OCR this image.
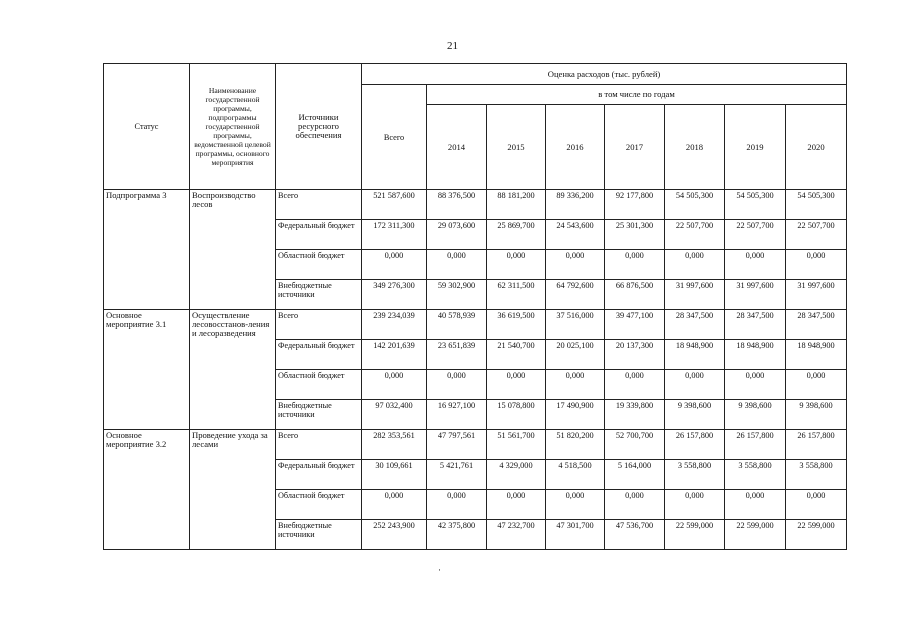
21
Статус	Наименование государственной программы, подпрограммы государственной программы, ведомственной целевой программы, основного мероприятия	Источники ресурсного обеспечения	Оценка расходов (тыс. рублей)							
			Всего	в том числе по годам						
				2014	2015	2016	2017	2018	2019	2020
Подпрограмма 3	Воспроизводство лесов	Всего	521 587,600	88 376,500	88 181,200	89 336,200	92 177,800	54 505,300	54 505,300	54 505,300
		Федеральный бюджет	172 311,300	29 073,600	25 869,700	24 543,600	25 301,300	22 507,700	22 507,700	22 507,700
		Областной бюджет	0,000	0,000	0,000	0,000	0,000	0,000	0,000	0,000
		Внебюджетные источники	349 276,300	59 302,900	62 311,500	64 792,600	66 876,500	31 997,600	31 997,600	31 997,600
Основное мероприятие 3.1	Осуществление лесовосстанов-ления и лесоразведения	Всего	239 234,039	40 578,939	36 619,500	37 516,000	39 477,100	28 347,500	28 347,500	28 347,500
		Федеральный бюджет	142 201,639	23 651,839	21 540,700	20 025,100	20 137,300	18 948,900	18 948,900	18 948,900
		Областной бюджет	0,000	0,000	0,000	0,000	0,000	0,000	0,000	0,000
		Внебюджетные источники	97 032,400	16 927,100	15 078,800	17 490,900	19 339,800	9 398,600	9 398,600	9 398,600
Основное мероприятие 3.2	Проведение ухода за лесами	Всего	282 353,561	47 797,561	51 561,700	51 820,200	52 700,700	26 157,800	26 157,800	26 157,800
		Федеральный бюджет	30 109,661	5 421,761	4 329,000	4 518,500	5 164,000	3 558,800	3 558,800	3 558,800
		Областной бюджет	0,000	0,000	0,000	0,000	0,000	0,000	0,000	0,000
		Внебюджетные источники	252 243,900	42 375,800	47 232,700	47 301,700	47 536,700	22 599,000	22 599,000	22 599,000
·
